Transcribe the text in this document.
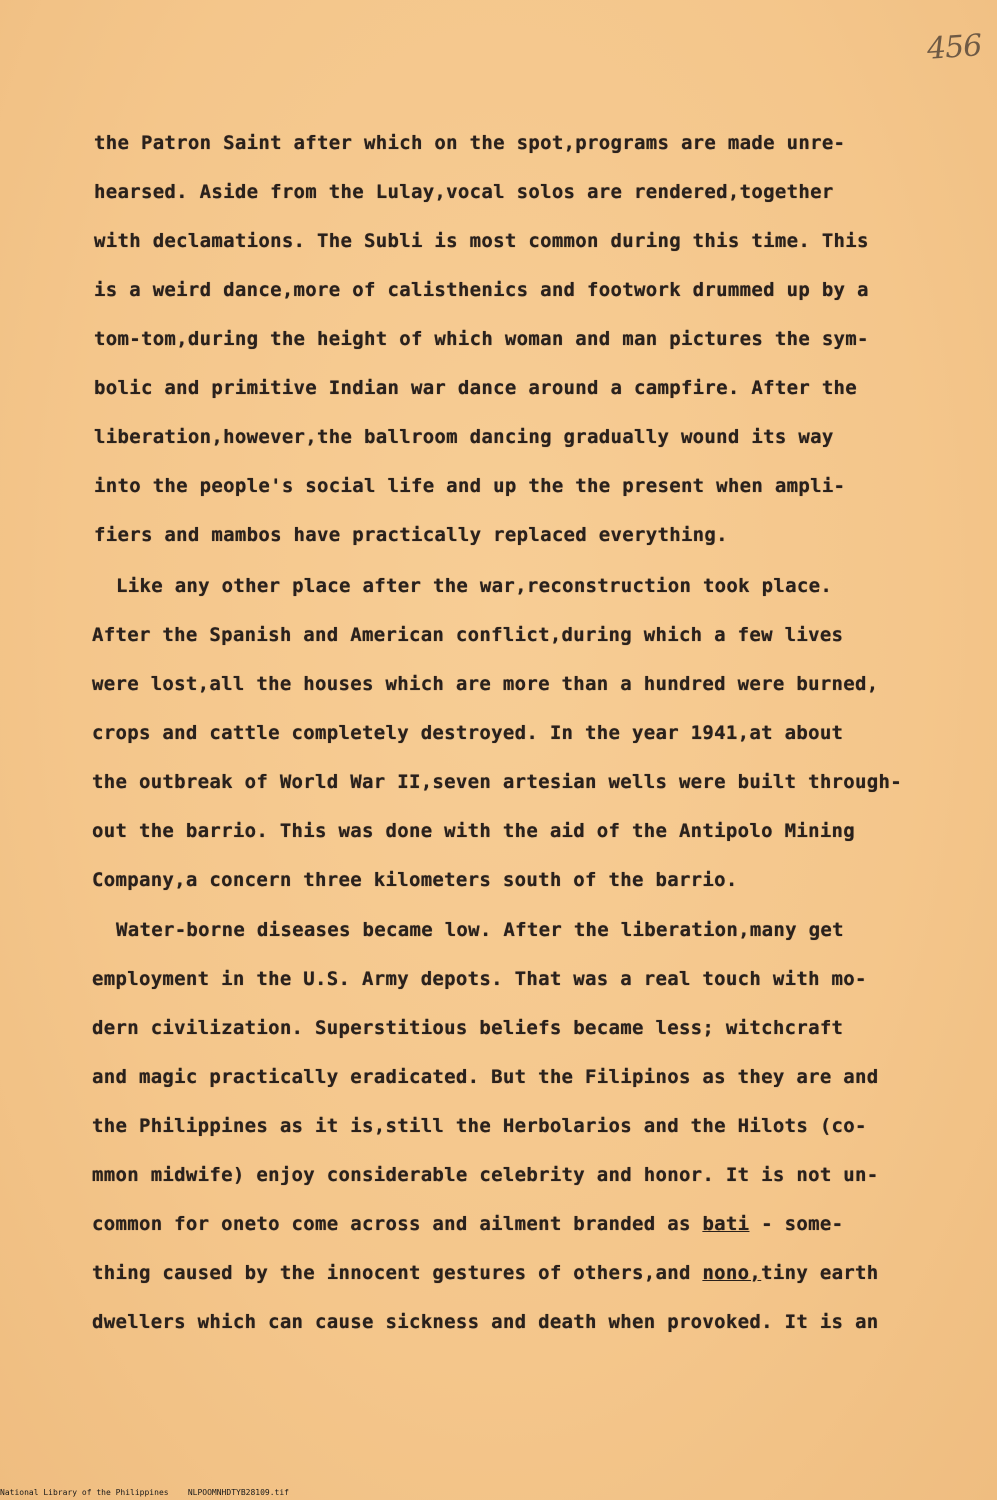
456
the Patron Saint after which on the spot,programs are made unre-
hearsed. Aside from the Lulay,vocal solos are rendered,together
with declamations. The Subli is most common during this time. This
is a weird dance,more of calisthenics and footwork drummed up by a
tom-tom,during the height of which woman and man pictures the sym-
bolic and primitive Indian war dance around a campfire. After the
liberation,however,the ballroom dancing gradually wound its way
into the people's social life and up the the present when ampli-
fiers and mambos have practically replaced everything.
Like any other place after the war,reconstruction took place.
After the Spanish and American conflict,during which a few lives
were lost,all the houses which are more than a hundred were burned,
crops and cattle completely destroyed. In the year 1941,at about
the outbreak of World War II,seven artesian wells were built through-
out the barrio. This was done with the aid of the Antipolo Mining
Company,a concern three kilometers south of the barrio.
Water-borne diseases became low. After the liberation,many get
employment in the U.S. Army depots. That was a real touch with mo-
dern civilization. Superstitious beliefs became less; witchcraft
and magic practically eradicated. But the Filipinos as they are and
the Philippines as it is,still the Herbolarios and the Hilots (co-
mmon midwife) enjoy considerable celebrity and honor. It is not un-
common for oneto come across and ailment branded as bati - some-
thing caused by the innocent gestures of others,and nono,tiny earth
dwellers which can cause sickness and death when provoked. It is an
National Library of the Philippines NLPOOMNHDTYB28109.tif
